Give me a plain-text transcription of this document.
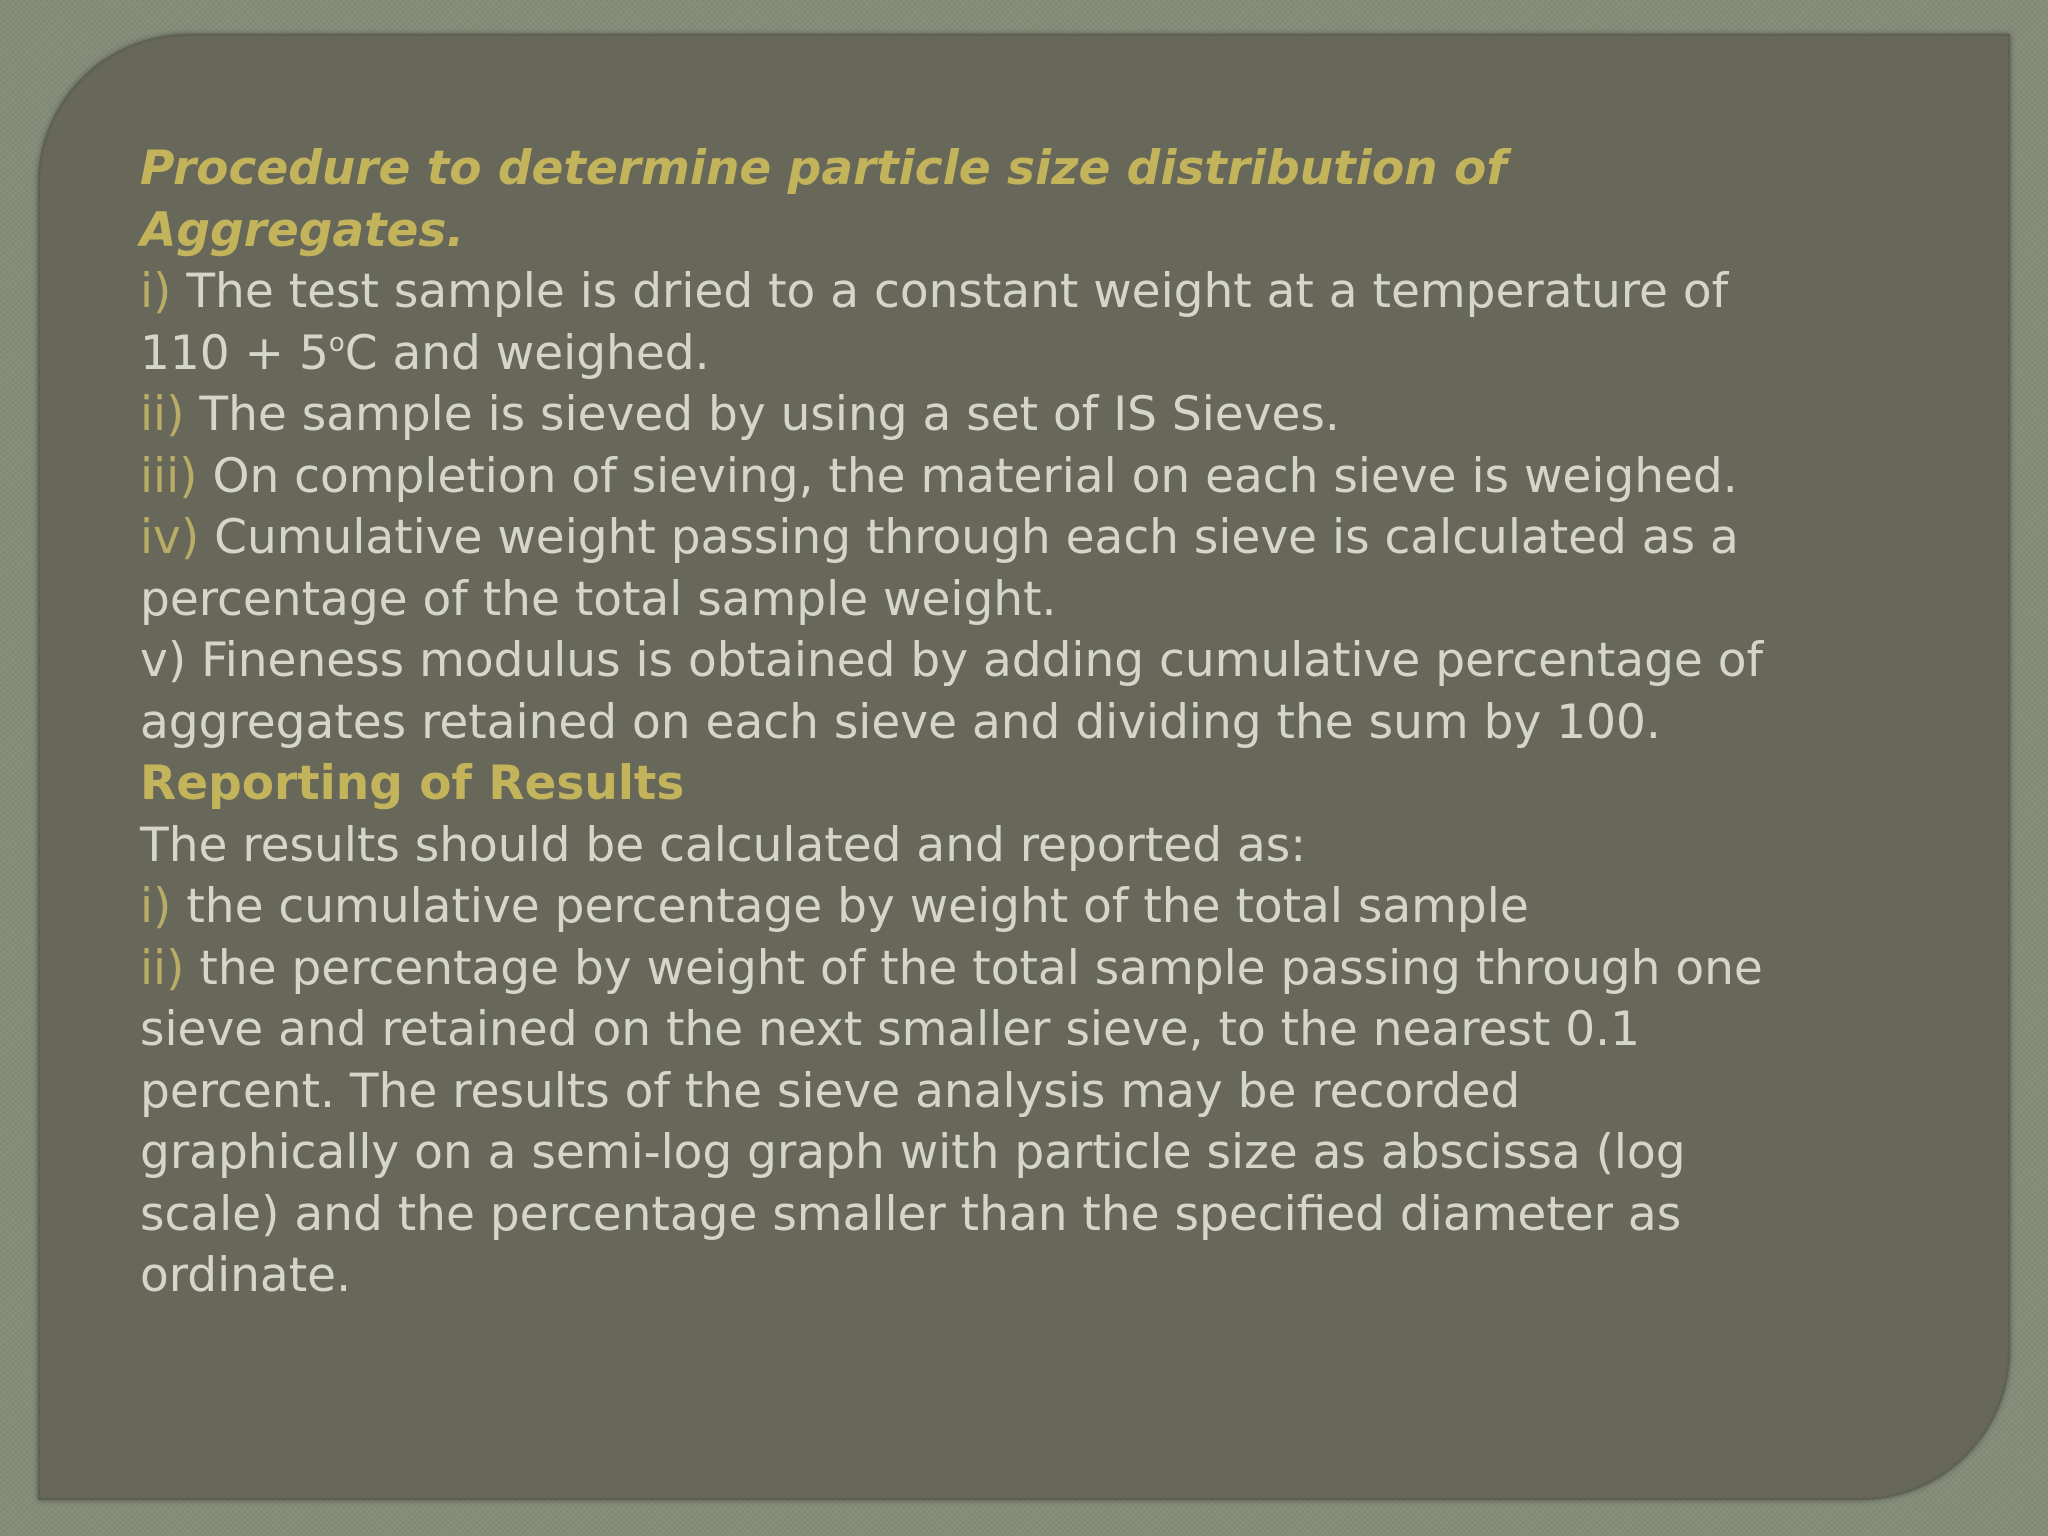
Procedure to determine particle size distribution of
Aggregates.
i) The test sample is dried to a constant weight at a temperature of
$110 + 5^oC$ and weighed.
ii) The sample is sieved by using a set of IS Sieves.
iii) On completion of sieving, the material on each sieve is weighed.
iv) Cumulative weight passing through each sieve is calculated as a
percentage of the total sample weight.
v) Fineness modulus is obtained by adding cumulative percentage of
aggregates retained on each sieve and dividing the sum by 100.
Reporting of Results
The results should be calculated and reported as:
i) the cumulative percentage by weight of the total sample
ii) the percentage by weight of the total sample passing through one
sieve and retained on the next smaller sieve, to the nearest 0.1
percent. The results of the sieve analysis may be recorded
graphically on a semi-log graph with particle size as abscissa (log
scale) and the percentage smaller than the specified diameter as
ordinate.
